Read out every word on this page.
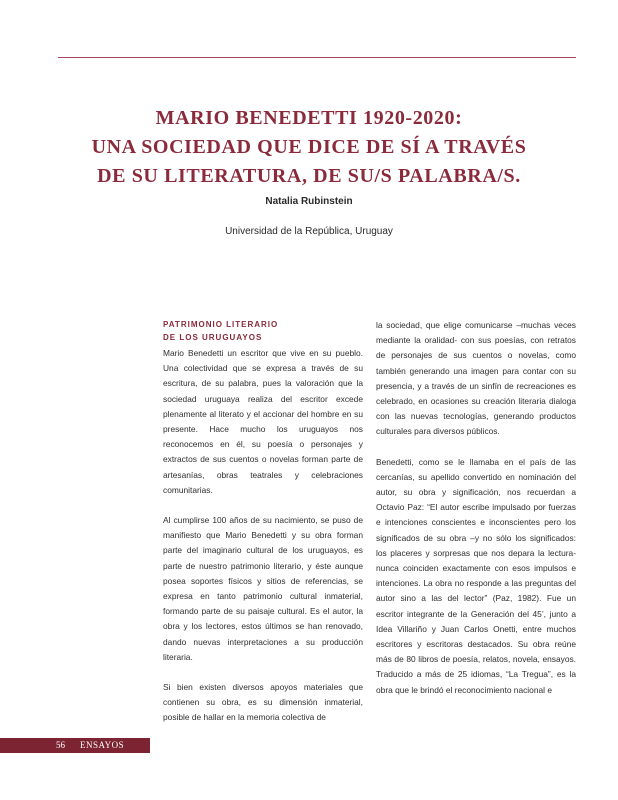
MARIO BENEDETTI 1920-2020:
UNA SOCIEDAD QUE DICE DE SÍ A TRAVÉS
DE SU LITERATURA, DE SU/S PALABRA/S.
Natalia Rubinstein
Universidad de la República, Uruguay
PATRIMONIO LITERARIO
DE LOS URUGUAYOS

Mario Benedetti un escritor que vive en su pueblo. Una colectividad que se expresa a través de su escritura, de su palabra, pues la valoración que la sociedad uruguaya realiza del escritor excede plenamente al literato y el accionar del hombre en su presente. Hace mucho los uruguayos nos reconocemos en él, su poesía o personajes y extractos de sus cuentos o novelas forman parte de artesanías, obras teatrales y celebraciones comunitarias.

Al cumplirse 100 años de su nacimiento, se puso de manifiesto que Mario Benedetti y su obra forman parte del imaginario cultural de los uruguayos, es parte de nuestro patrimonio literario, y éste aunque posea soportes físicos y sitios de referencias, se expresa en tanto patrimonio cultural inmaterial, formando parte de su paisaje cultural. Es el autor, la obra y los lectores, estos últimos se han renovado, dando nuevas interpretaciones a su producción literaria.

Si bien existen diversos apoyos materiales que contienen su obra, es su dimensión inmaterial, posible de hallar en la memoria colectiva de

la sociedad, que elige comunicarse –muchas veces mediante la oralidad- con sus poesías, con retratos de personajes de sus cuentos o novelas, como también generando una imagen para contar con su presencia, y a través de un sinfín de recreaciones es celebrado, en ocasiones su creación literaria dialoga con las nuevas tecnologías, generando productos culturales para diversos públicos.

Benedetti, como se le llamaba en el país de las cercanías, su apellido convertido en nominación del autor, su obra y significación, nos recuerdan a Octavio Paz: “El autor escribe impulsado por fuerzas e intenciones conscientes e inconscientes pero los significados de su obra –y no sólo los significados: los placeres y sorpresas que nos depara la lectura- nunca coinciden exactamente con esos impulsos e intenciones. La obra no responde a las preguntas del autor sino a las del lector” (Paz, 1982). Fue un escritor integrante de la Generación del 45’, junto a Idea Villariño y Juan Carlos Onetti, entre muchos escritores y escritoras destacados. Su obra reúne más de 80 libros de poesía, relatos, novela, ensayos. Traducido a más de 25 idiomas, “La Tregua”, es la obra que le brindó el reconocimiento nacional e

56 ENSAYOS
